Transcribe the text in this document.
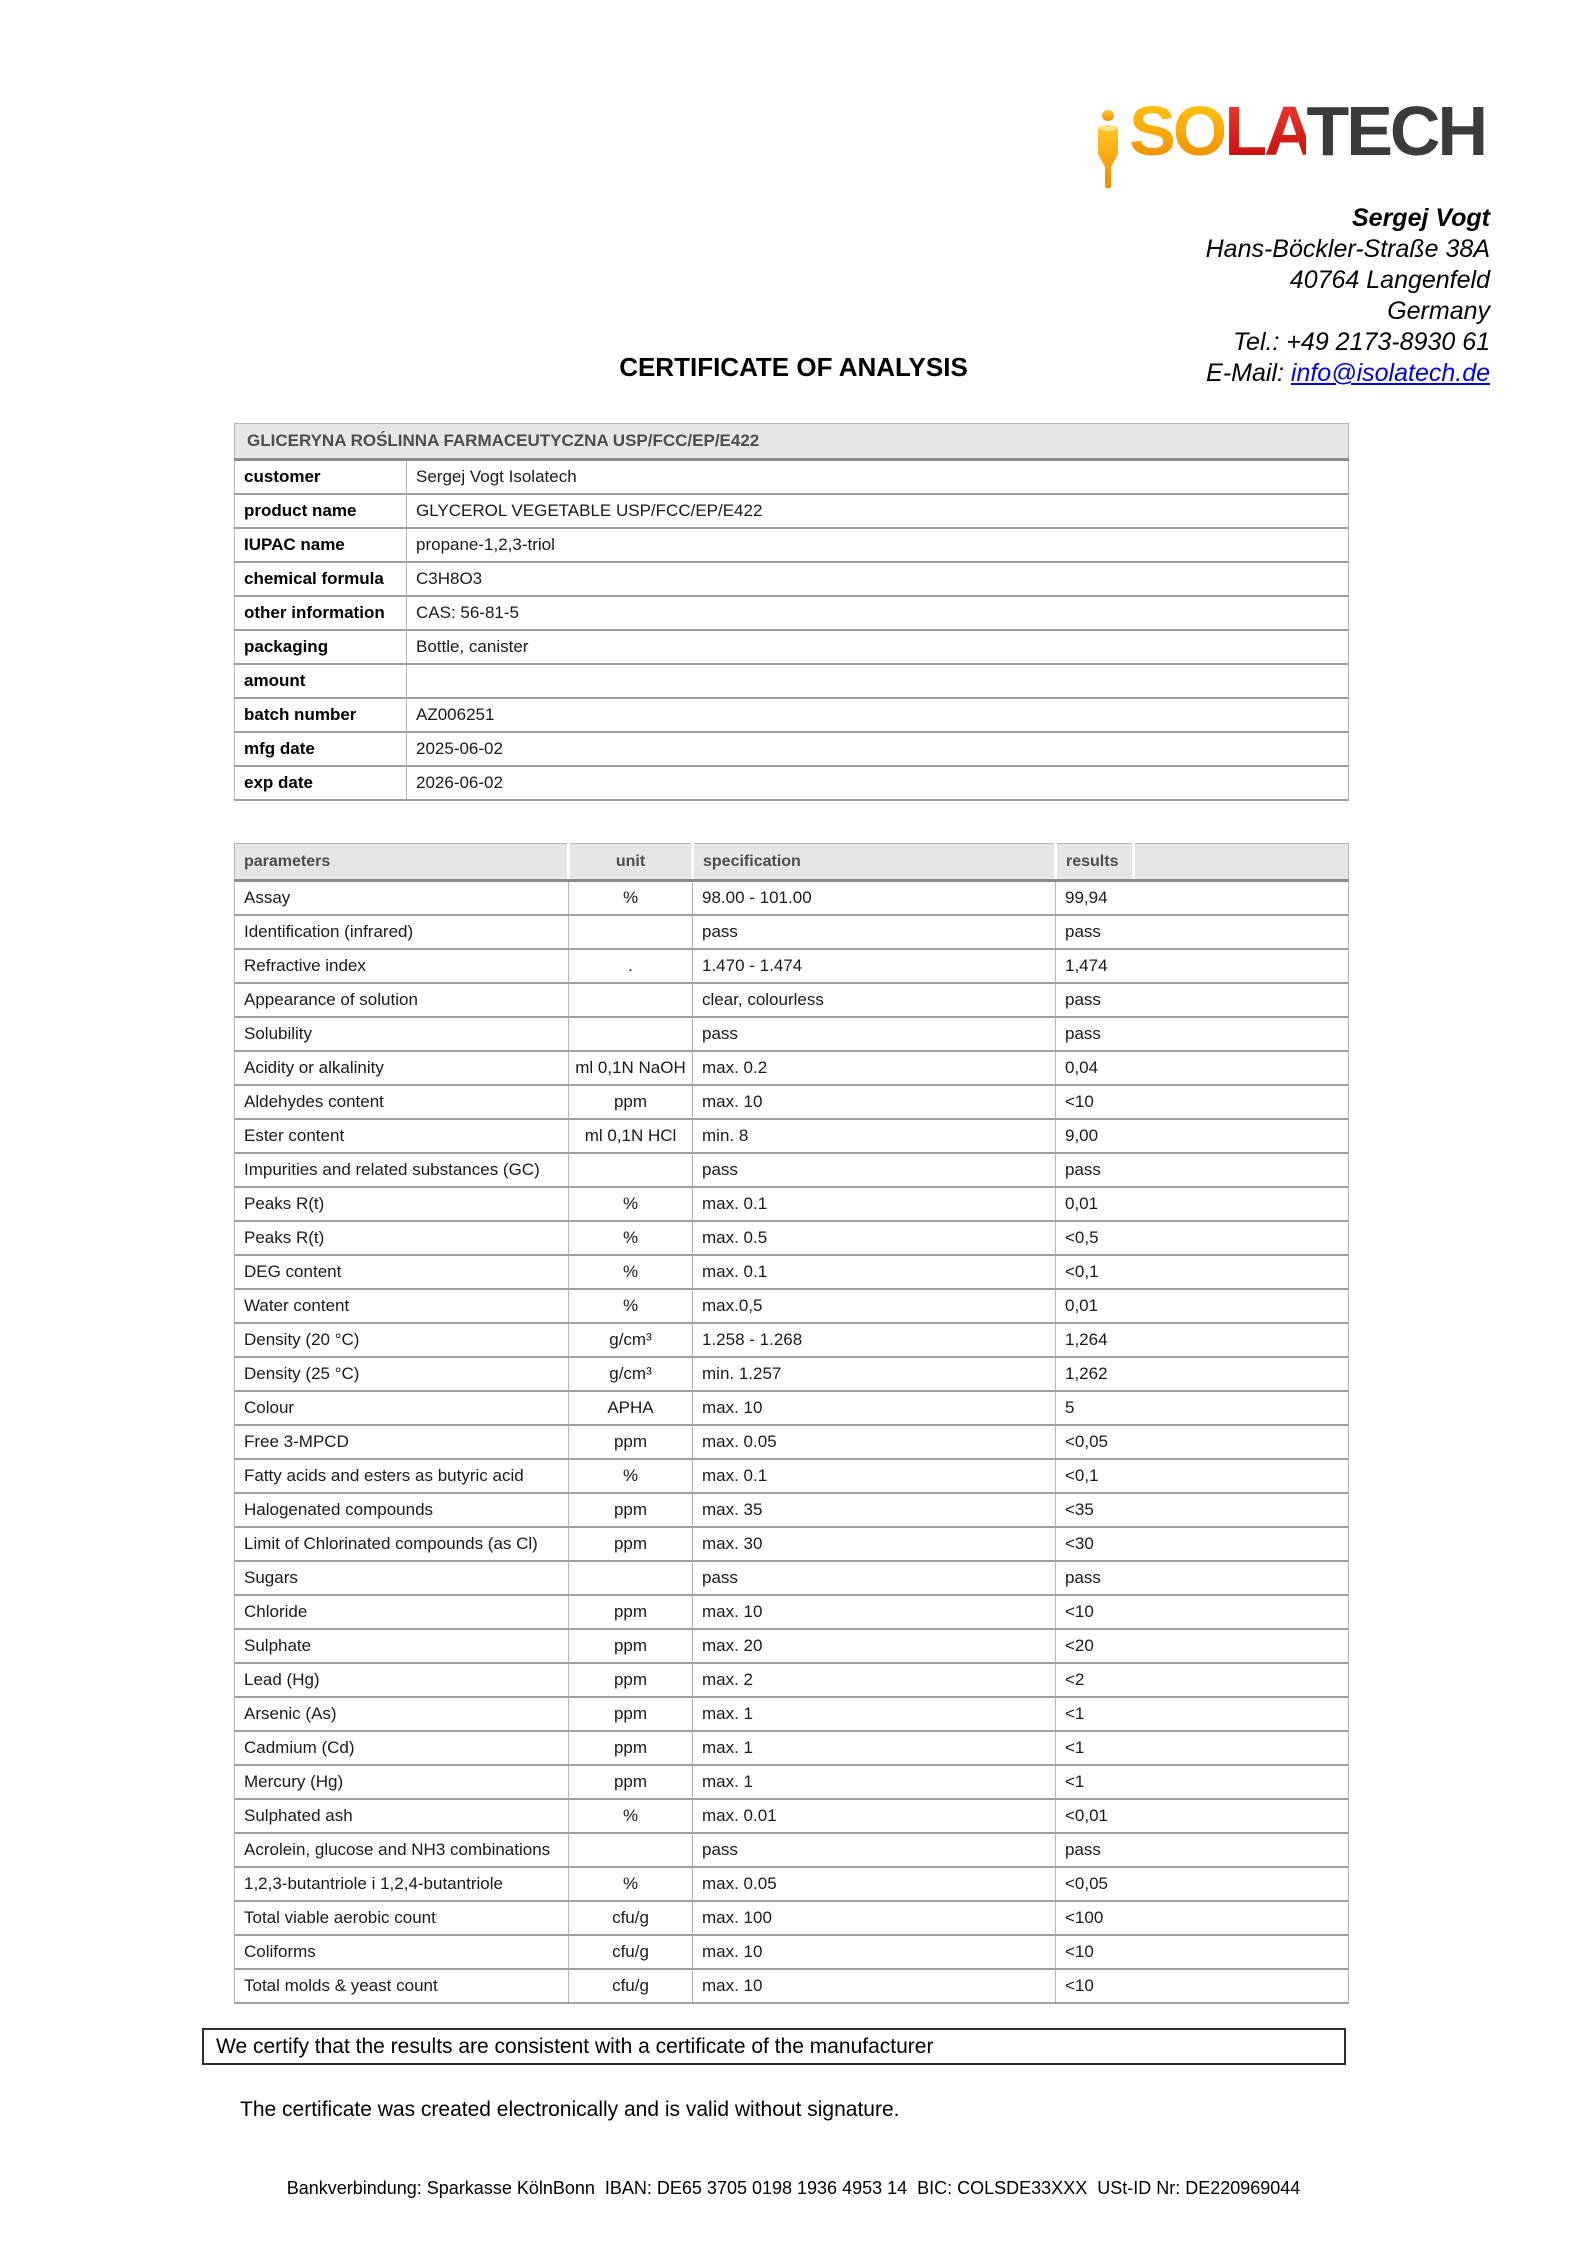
SOLATECH
Sergej Vogt
Hans-Böckler-Straße 38A
40764 Langenfeld
Germany
Tel.: +49 2173-8930 61
E-Mail: info@isolatech.de
CERTIFICATE OF ANALYSIS
GLICERYNA ROŚLINNA FARMACEUTYCZNA USP/FCC/EP/E422	
customer	Sergej Vogt Isolatech
product name	GLYCEROL VEGETABLE USP/FCC/EP/E422
IUPAC name	propane-1,2,3-triol
chemical formula	C3H8O3
other information	CAS: 56-81-5
packaging	Bottle, canister
amount	
batch number	AZ006251
mfg date	2025-06-02
exp date	2026-06-02
parameters	unit	specification	results	
Assay	%	98.00 - 101.00	99,94	
Identification (infrared)		pass	pass	
Refractive index	.	1.470 - 1.474	1,474	
Appearance of solution		clear, colourless	pass	
Solubility		pass	pass	
Acidity or alkalinity	ml 0,1N NaOH	max. 0.2	0,04	
Aldehydes content	ppm	max. 10	<10	
Ester content	ml 0,1N HCl	min. 8	9,00	
Impurities and related substances (GC)		pass	pass	
Peaks R(t)	%	max. 0.1	0,01	
Peaks R(t)	%	max. 0.5	<0,5	
DEG content	%	max. 0.1	<0,1	
Water content	%	max.0,5	0,01	
Density (20 °C)	g/cm³	1.258 - 1.268	1,264	
Density (25 °C)	g/cm³	min. 1.257	1,262	
Colour	APHA	max. 10	5	
Free 3-MPCD	ppm	max. 0.05	<0,05	
Fatty acids and esters as butyric acid	%	max. 0.1	<0,1	
Halogenated compounds	ppm	max. 35	<35	
Limit of Chlorinated compounds (as Cl)	ppm	max. 30	<30	
Sugars		pass	pass	
Chloride	ppm	max. 10	<10	
Sulphate	ppm	max. 20	<20	
Lead (Hg)	ppm	max. 2	<2	
Arsenic (As)	ppm	max. 1	<1	
Cadmium (Cd)	ppm	max. 1	<1	
Mercury (Hg)	ppm	max. 1	<1	
Sulphated ash	%	max. 0.01	<0,01	
Acrolein, glucose and NH3 combinations		pass	pass	
1,2,3-butantriole i 1,2,4-butantriole	%	max. 0.05	<0,05	
Total viable aerobic count	cfu/g	max. 100	<100	
Coliforms	cfu/g	max. 10	<10	
Total molds & yeast count	cfu/g	max. 10	<10	
We certify that the results are consistent with a certificate of the manufacturer
The certificate was created electronically and is valid without signature.
Bankverbindung: Sparkasse KölnBonn  IBAN: DE65 3705 0198 1936 4953 14  BIC: COLSDE33XXX  USt-ID Nr: DE220969044
